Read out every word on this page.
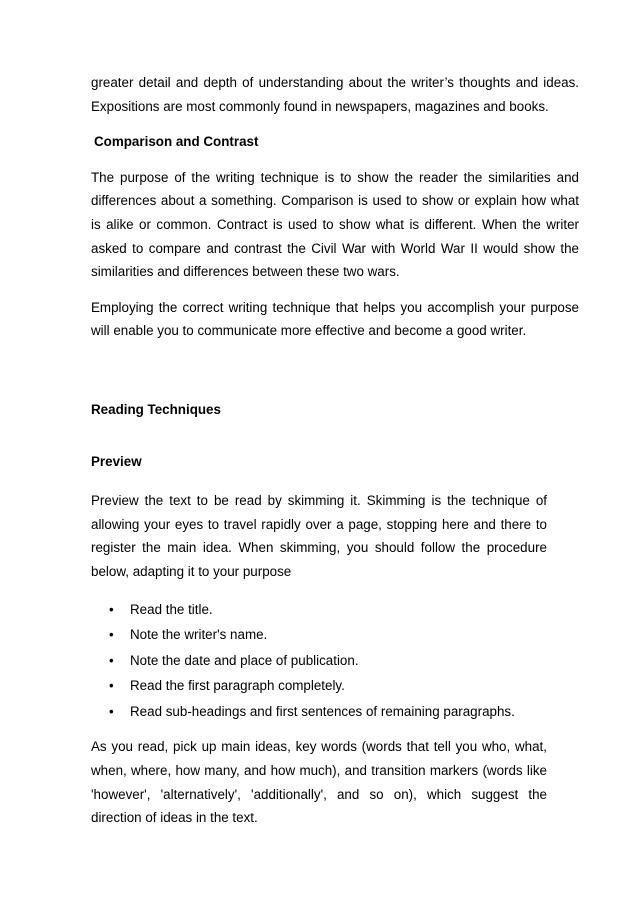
greater detail and depth of understanding about the writer’s thoughts and ideas.

Expositions are most commonly found in newspapers, magazines and books.

Comparison and Contrast

The purpose of the writing technique is to show the reader the similarities and differences about a something. Comparison is used to show or explain how what is alike or common. Contract is used to show what is different. When the writer asked to compare and contrast the Civil War with World War II would show the similarities and differences between these two wars.

Employing the correct writing technique that helps you accomplish your purpose will enable you to communicate more effective and become a good writer.

Reading Techniques

Preview

Preview the text to be read by skimming it. Skimming is the technique of allowing your eyes to travel rapidly over a page, stopping here and there to register the main idea. When skimming, you should follow the procedure below, adapting it to your purpose

• Read the title.
• Note the writer's name.
• Note the date and place of publication.
• Read the first paragraph completely.
• Read sub-headings and first sentences of remaining paragraphs.

As you read, pick up main ideas, key words (words that tell you who, what, when, where, how many, and how much), and transition markers (words like 'however', 'alternatively', 'additionally', and so on), which suggest the direction of ideas in the text.
